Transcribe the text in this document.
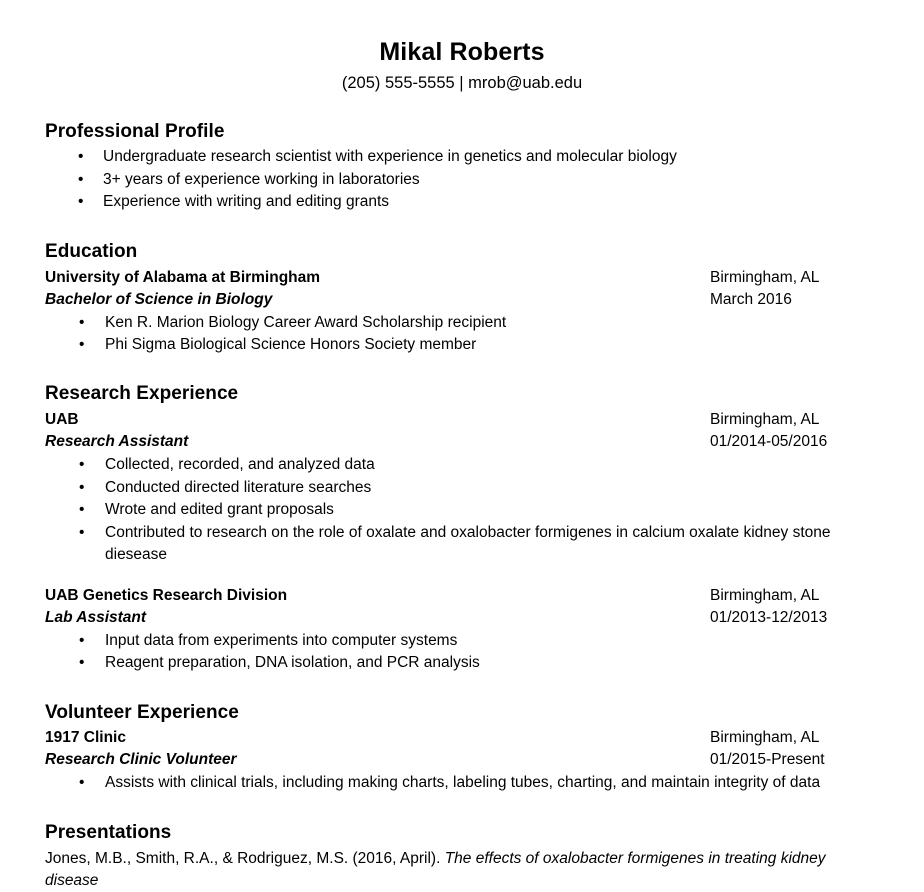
Mikal Roberts
(205) 555-5555 | mrob@uab.edu
Professional Profile
• Undergraduate research scientist with experience in genetics and molecular biology
• 3+ years of experience working in laboratories
• Experience with writing and editing grants
Education
University of Alabama at Birmingham	Birmingham, AL
Bachelor of Science in Biology	March 2016
• Ken R. Marion Biology Career Award Scholarship recipient
• Phi Sigma Biological Science Honors Society member
Research Experience
UAB	Birmingham, AL
Research Assistant	01/2014-05/2016
• Collected, recorded, and analyzed data
• Conducted directed literature searches
• Wrote and edited grant proposals
• Contributed to research on the role of oxalate and oxalobacter formigenes in calcium oxalate kidney stone diesease
UAB Genetics Research Division	Birmingham, AL
Lab Assistant	01/2013-12/2013
• Input data from experiments into computer systems
• Reagent preparation, DNA isolation, and PCR analysis
Volunteer Experience
1917 Clinic	Birmingham, AL
Research Clinic Volunteer	01/2015-Present
• Assists with clinical trials, including making charts, labeling tubes, charting, and maintain integrity of data
Presentations
Jones, M.B., Smith, R.A., & Rodriguez, M.S. (2016, April). The effects of oxalobacter formigenes in treating kidney disease
